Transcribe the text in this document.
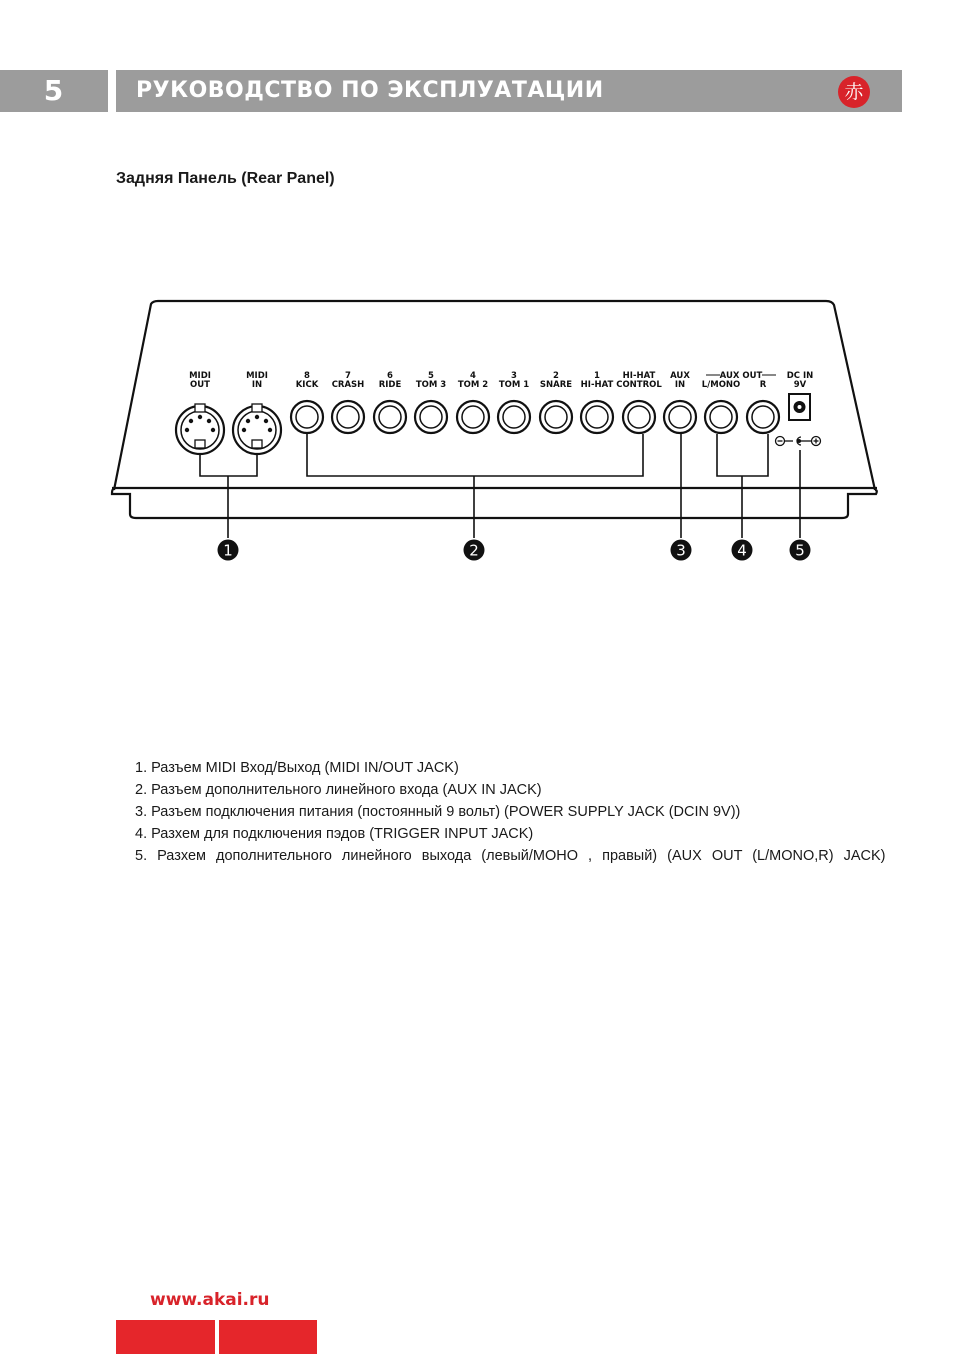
5	РУКОВОДСТВО ПО ЭКСПЛУАТАЦИИ	赤
Задняя Панель (Rear Panel)
MIDI
OUT
MIDI
IN
8
KICK
7
CRASH
6
RIDE
5
TOM 3
4
TOM 2
3
TOM 1
2
SNARE
1
HI-HAT
HI-HAT
CONTROL
AUX
IN
AUX OUT
L/MONO R
DC IN
9V
1	2	3	4	5

1. Разъем MIDI Вход/Выход (MIDI IN/OUT JACK)

2. Разъем дополнительного линейного входа (AUX IN JACK)

3. Разъем подключения питания (постоянный 9 вольт) (POWER SUPPLY JACK (DCIN 9V))

4. Разхем для подключения пэдов (TRIGGER INPUT JACK)

5. Разхем дополнительного линейного выхода (левый/МОНО , правый) (AUX OUT (L/MONO,R) JACK)

www.akai.ru
